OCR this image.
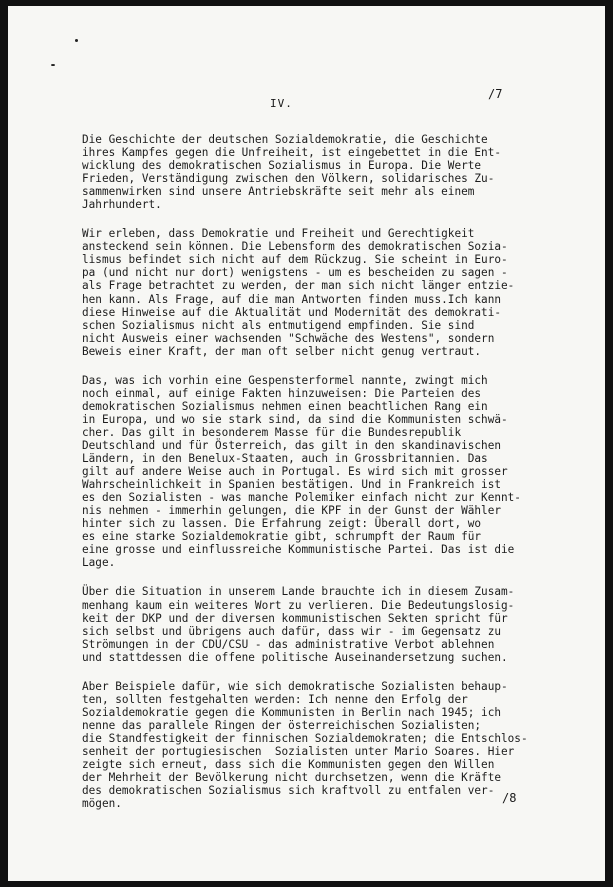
/7
IV.
Die Geschichte der deutschen Sozialdemokratie, die Geschichte
ihres Kampfes gegen die Unfreiheit, ist eingebettet in die Ent-
wicklung des demokratischen Sozialismus in Europa. Die Werte
Frieden, Verständigung zwischen den Völkern, solidarisches Zu-
sammenwirken sind unsere Antriebskräfte seit mehr als einem
Jahrhundert.
Wir erleben, dass Demokratie und Freiheit und Gerechtigkeit
ansteckend sein können. Die Lebensform des demokratischen Sozia-
lismus befindet sich nicht auf dem Rückzug. Sie scheint in Euro-
pa (und nicht nur dort) wenigstens - um es bescheiden zu sagen -
als Frage betrachtet zu werden, der man sich nicht länger entzie-
hen kann. Als Frage, auf die man Antworten finden muss.Ich kann
diese Hinweise auf die Aktualität und Modernität des demokrati-
schen Sozialismus nicht als entmutigend empfinden. Sie sind
nicht Ausweis einer wachsenden "Schwäche des Westens", sondern
Beweis einer Kraft, der man oft selber nicht genug vertraut.
Das, was ich vorhin eine Gespensterformel nannte, zwingt mich
noch einmal, auf einige Fakten hinzuweisen: Die Parteien des
demokratischen Sozialismus nehmen einen beachtlichen Rang ein
in Europa, und wo sie stark sind, da sind die Kommunisten schwä-
cher. Das gilt in besonderem Masse für die Bundesrepublik
Deutschland und für Österreich, das gilt in den skandinavischen
Ländern, in den Benelux-Staaten, auch in Grossbritannien. Das
gilt auf andere Weise auch in Portugal. Es wird sich mit grosser
Wahrscheinlichkeit in Spanien bestätigen. Und in Frankreich ist
es den Sozialisten - was manche Polemiker einfach nicht zur Kennt-
nis nehmen - immerhin gelungen, die KPF in der Gunst der Wähler
hinter sich zu lassen. Die Erfahrung zeigt: Überall dort, wo
es eine starke Sozialdemokratie gibt, schrumpft der Raum für
eine grosse und einflussreiche Kommunistische Partei. Das ist die
Lage.
Über die Situation in unserem Lande brauchte ich in diesem Zusam-
menhang kaum ein weiteres Wort zu verlieren. Die Bedeutungslosig-
keit der DKP und der diversen kommunistischen Sekten spricht für
sich selbst und übrigens auch dafür, dass wir - im Gegensatz zu
Strömungen in der CDU/CSU - das administrative Verbot ablehnen
und stattdessen die offene politische Auseinandersetzung suchen.
Aber Beispiele dafür, wie sich demokratische Sozialisten behaup-
ten, sollten festgehalten werden: Ich nenne den Erfolg der
Sozialdemokratie gegen die Kommunisten in Berlin nach 1945; ich
nenne das parallele Ringen der österreichischen Sozialisten;
die Standfestigkeit der finnischen Sozialdemokraten; die Entschlos-
senheit der portugiesischen  Sozialisten unter Mario Soares. Hier
zeigte sich erneut, dass sich die Kommunisten gegen den Willen
der Mehrheit der Bevölkerung nicht durchsetzen, wenn die Kräfte
des demokratischen Sozialismus sich kraftvoll zu entfalen ver-
mögen.	/8
